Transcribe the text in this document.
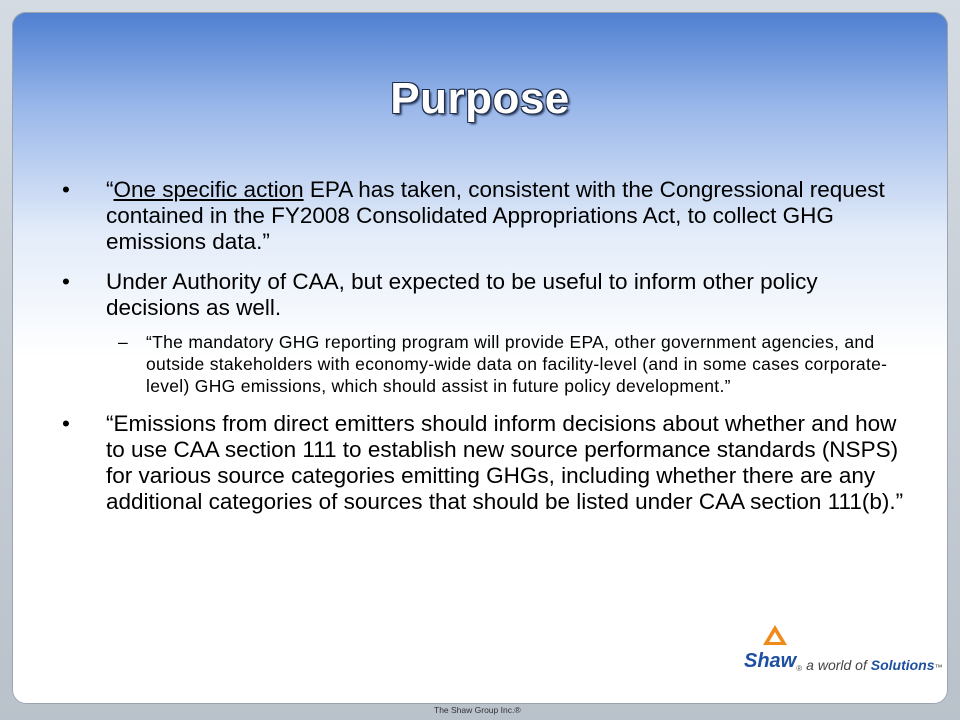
Purpose
• “One specific action EPA has taken, consistent with the Congressional request contained in the FY2008 Consolidated Appropriations Act, to collect GHG emissions data.”
• Under Authority of CAA, but expected to be useful to inform other policy decisions as well.
– “The mandatory GHG reporting program will provide EPA, other government agencies, and outside stakeholders with economy-wide data on facility-level (and in some cases corporate-level) GHG emissions, which should assist in future policy development.”
• “Emissions from direct emitters should inform decisions about whether and how to use CAA section 111 to establish new source performance standards (NSPS) for various source categories emitting GHGs, including whether there are any additional categories of sources that should be listed under CAA section 111(b).”
Shaw ® a world of Solutions™
The Shaw Group Inc.®
